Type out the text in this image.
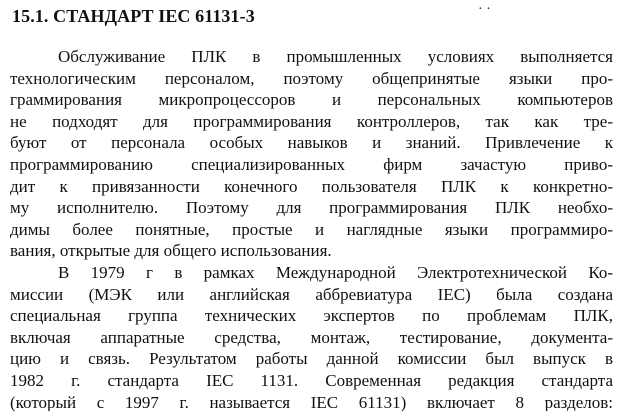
15.1. СТАНДАРТ IEC 61131-3	· ·
Обслуживание ПЛК в промышленных условиях выполняется
технологическим персоналом, поэтому общепринятые языки про-
граммирования микропроцессоров и персональных компьютеров
не подходят для программирования контроллеров, так как тре-
буют от персонала особых навыков и знаний. Привлечение к
программированию специализированных фирм зачастую приво-
дит к привязанности конечного пользователя ПЛК к конкретно-
му исполнителю. Поэтому для программирования ПЛК необхо-
димы более понятные, простые и наглядные языки программиро-
вания, открытые для общего использования.
В 1979 г в рамках Международной Электротехнической Ко-
миссии (МЭК или английская аббревиатура IEC) была создана
специальная группа технических экспертов по проблемам ПЛК,
включая аппаратные средства, монтаж, тестирование, документа-
цию и связь. Результатом работы данной комиссии был выпуск в
1982 г. стандарта IEC 1131. Современная редакция стандарта
(который с 1997 г. называется IEC 61131) включает 8 разделов:
